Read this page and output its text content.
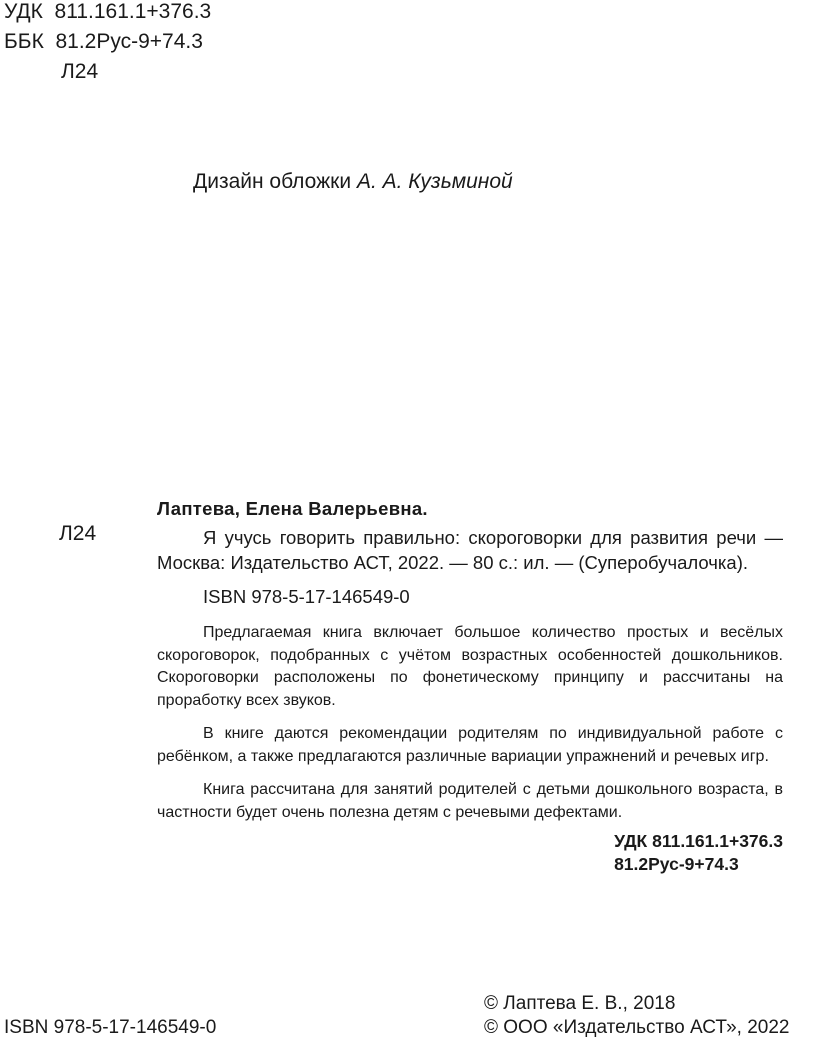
УДК 811.161.1+376.3
ББК 81.2Рус-9+74.3
Л24
Дизайн обложки А. А. Кузьминой
Л24
Лаптева, Елена Валерьевна.

Я учусь говорить правильно: скороговорки для развития речи — Москва: Издательство АСТ, 2022. — 80 с.: ил. — (Суперобучалочка).

ISBN 978-5-17-146549-0

Предлагаемая книга включает большое количество простых и весёлых скороговорок, подобранных с учётом возрастных особенностей дошкольников. Скороговорки расположены по фонетическому принципу и рассчитаны на проработку всех звуков.

В книге даются рекомендации родителям по индивидуальной работе с ребёнком, а также предлагаются различные вариации упражнений и речевых игр.

Книга рассчитана для занятий родителей с детьми дошкольного возраста, в частности будет очень полезна детям с речевыми дефектами.

УДК 811.161.1+376.3
81.2Рус-9+74.3
© Лаптева Е. В., 2018
ISBN 978-5-17-146549-0	© ООО «Издательство АСТ», 2022
